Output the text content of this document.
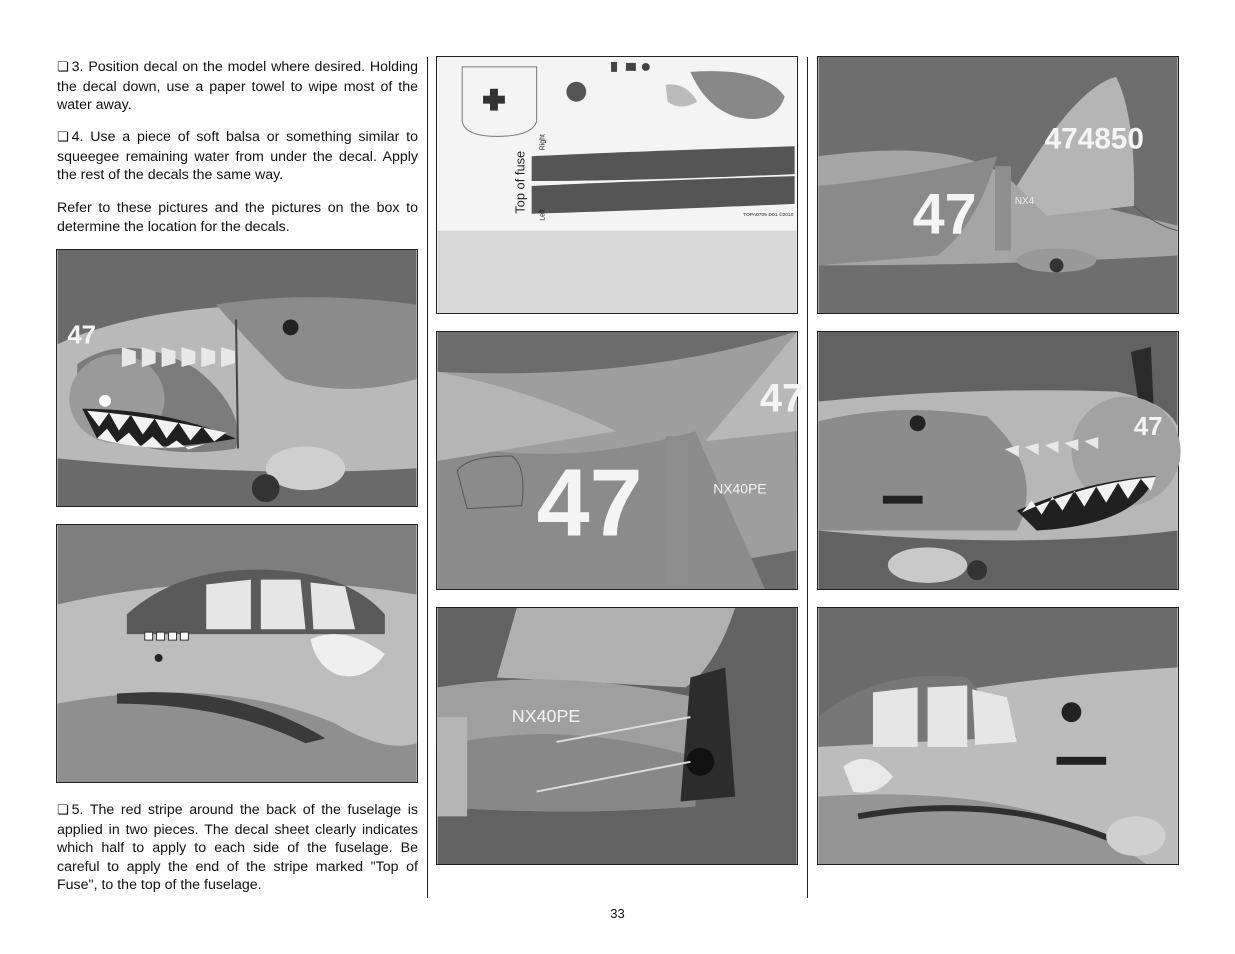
❏ 3. Position decal on the model where desired. Holding the decal down, use a paper towel to wipe most of the water away.

❏ 4. Use a piece of soft balsa or something similar to squeegee remaining water from under the decal. Apply the rest of the decals the same way.

Refer to these pictures and the pictures on the box to determine the location for the decals.

47

❏ 5. The red stripe around the back of the fuselage is applied in two pieces. The decal sheet clearly indicates which half to apply to each side of the fuselage. Be careful to apply the end of the stripe marked "Top of Fuse", to the top of the fuselage.

Top of fuse
Right
Left	TOPA0705 D01 ©2010
474850
47	NX4
47
47	NX40PE
47
NX40PE
33
